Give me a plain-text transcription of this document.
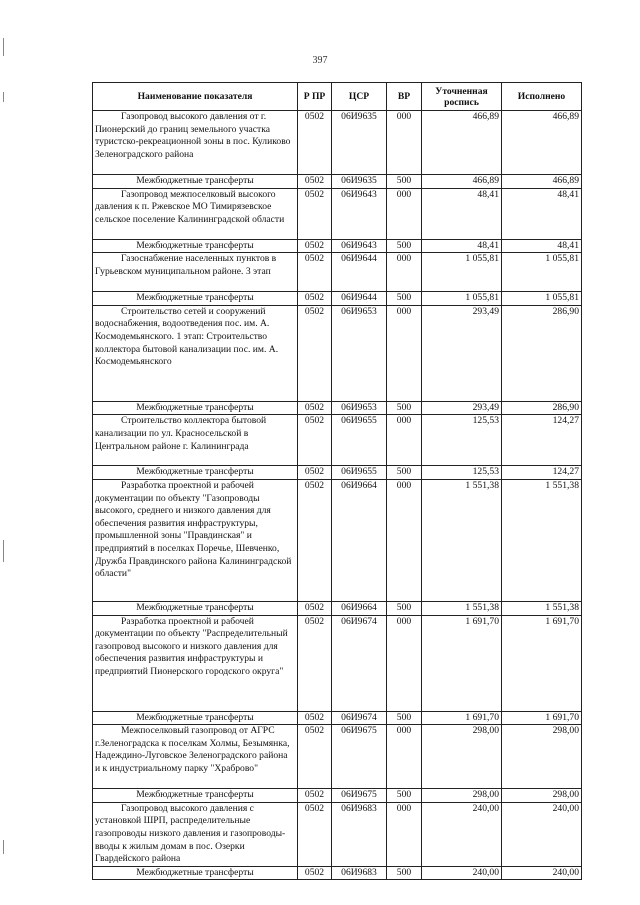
397
Наименование показателя	Р ПР	ЦСР	ВР	Уточненная роспись	Исполнено
Газопровод высокого давления от г. Пионерский до границ земельного участка туристско-рекреационной зоны в пос. Куликово Зеленоградского района	0502	06И9635	000	466,89	466,89
Межбюджетные трансферты	0502	06И9635	500	466,89	466,89
Газопровод межпоселковый высокого давления к п. Ржевское МО Тимирязевское сельское поселение Калининградской области	0502	06И9643	000	48,41	48,41
Межбюджетные трансферты	0502	06И9643	500	48,41	48,41
Газоснабжение населенных пунктов в Гурьевском муниципальном районе. 3 этап	0502	06И9644	000	1 055,81	1 055,81
Межбюджетные трансферты	0502	06И9644	500	1 055,81	1 055,81
Строительство сетей и сооружений водоснабжения, водоотведения пос. им. А. Космодемьянского. 1 этап: Строительство коллектора бытовой канализации пос. им. А. Космодемьянского	0502	06И9653	000	293,49	286,90
Межбюджетные трансферты	0502	06И9653	500	293,49	286,90
Строительство коллектора бытовой канализации по ул. Красносельской в Центральном районе г. Калининграда	0502	06И9655	000	125,53	124,27
Межбюджетные трансферты	0502	06И9655	500	125,53	124,27
Разработка проектной и рабочей документации по объекту "Газопроводы высокого, среднего и низкого давления для обеспечения развития инфраструктуры, промышленной зоны "Правдинская" и предприятий в поселках Поречье, Шевченко, Дружба Правдинского района Калининградской области"	0502	06И9664	000	1 551,38	1 551,38
Межбюджетные трансферты	0502	06И9664	500	1 551,38	1 551,38
Разработка проектной и рабочей документации по объекту "Распределительный газопровод высокого и низкого давления для обеспечения развития инфраструктуры и предприятий Пионерского городского округа"	0502	06И9674	000	1 691,70	1 691,70
Межбюджетные трансферты	0502	06И9674	500	1 691,70	1 691,70
Межпоселковый газопровод от АГРС г.Зеленоградска к поселкам Холмы, Безымянка, Надеждино-Луговское Зеленоградского района и к индустриальному парку "Храброво"	0502	06И9675	000	298,00	298,00
Межбюджетные трансферты	0502	06И9675	500	298,00	298,00
Газопровод высокого давления с установкой ШРП, распределительные газопроводы низкого давления и газопроводы-вводы к жилым домам в пос. Озерки Гвардейского района	0502	06И9683	000	240,00	240,00
Межбюджетные трансферты	0502	06И9683	500	240,00	240,00
